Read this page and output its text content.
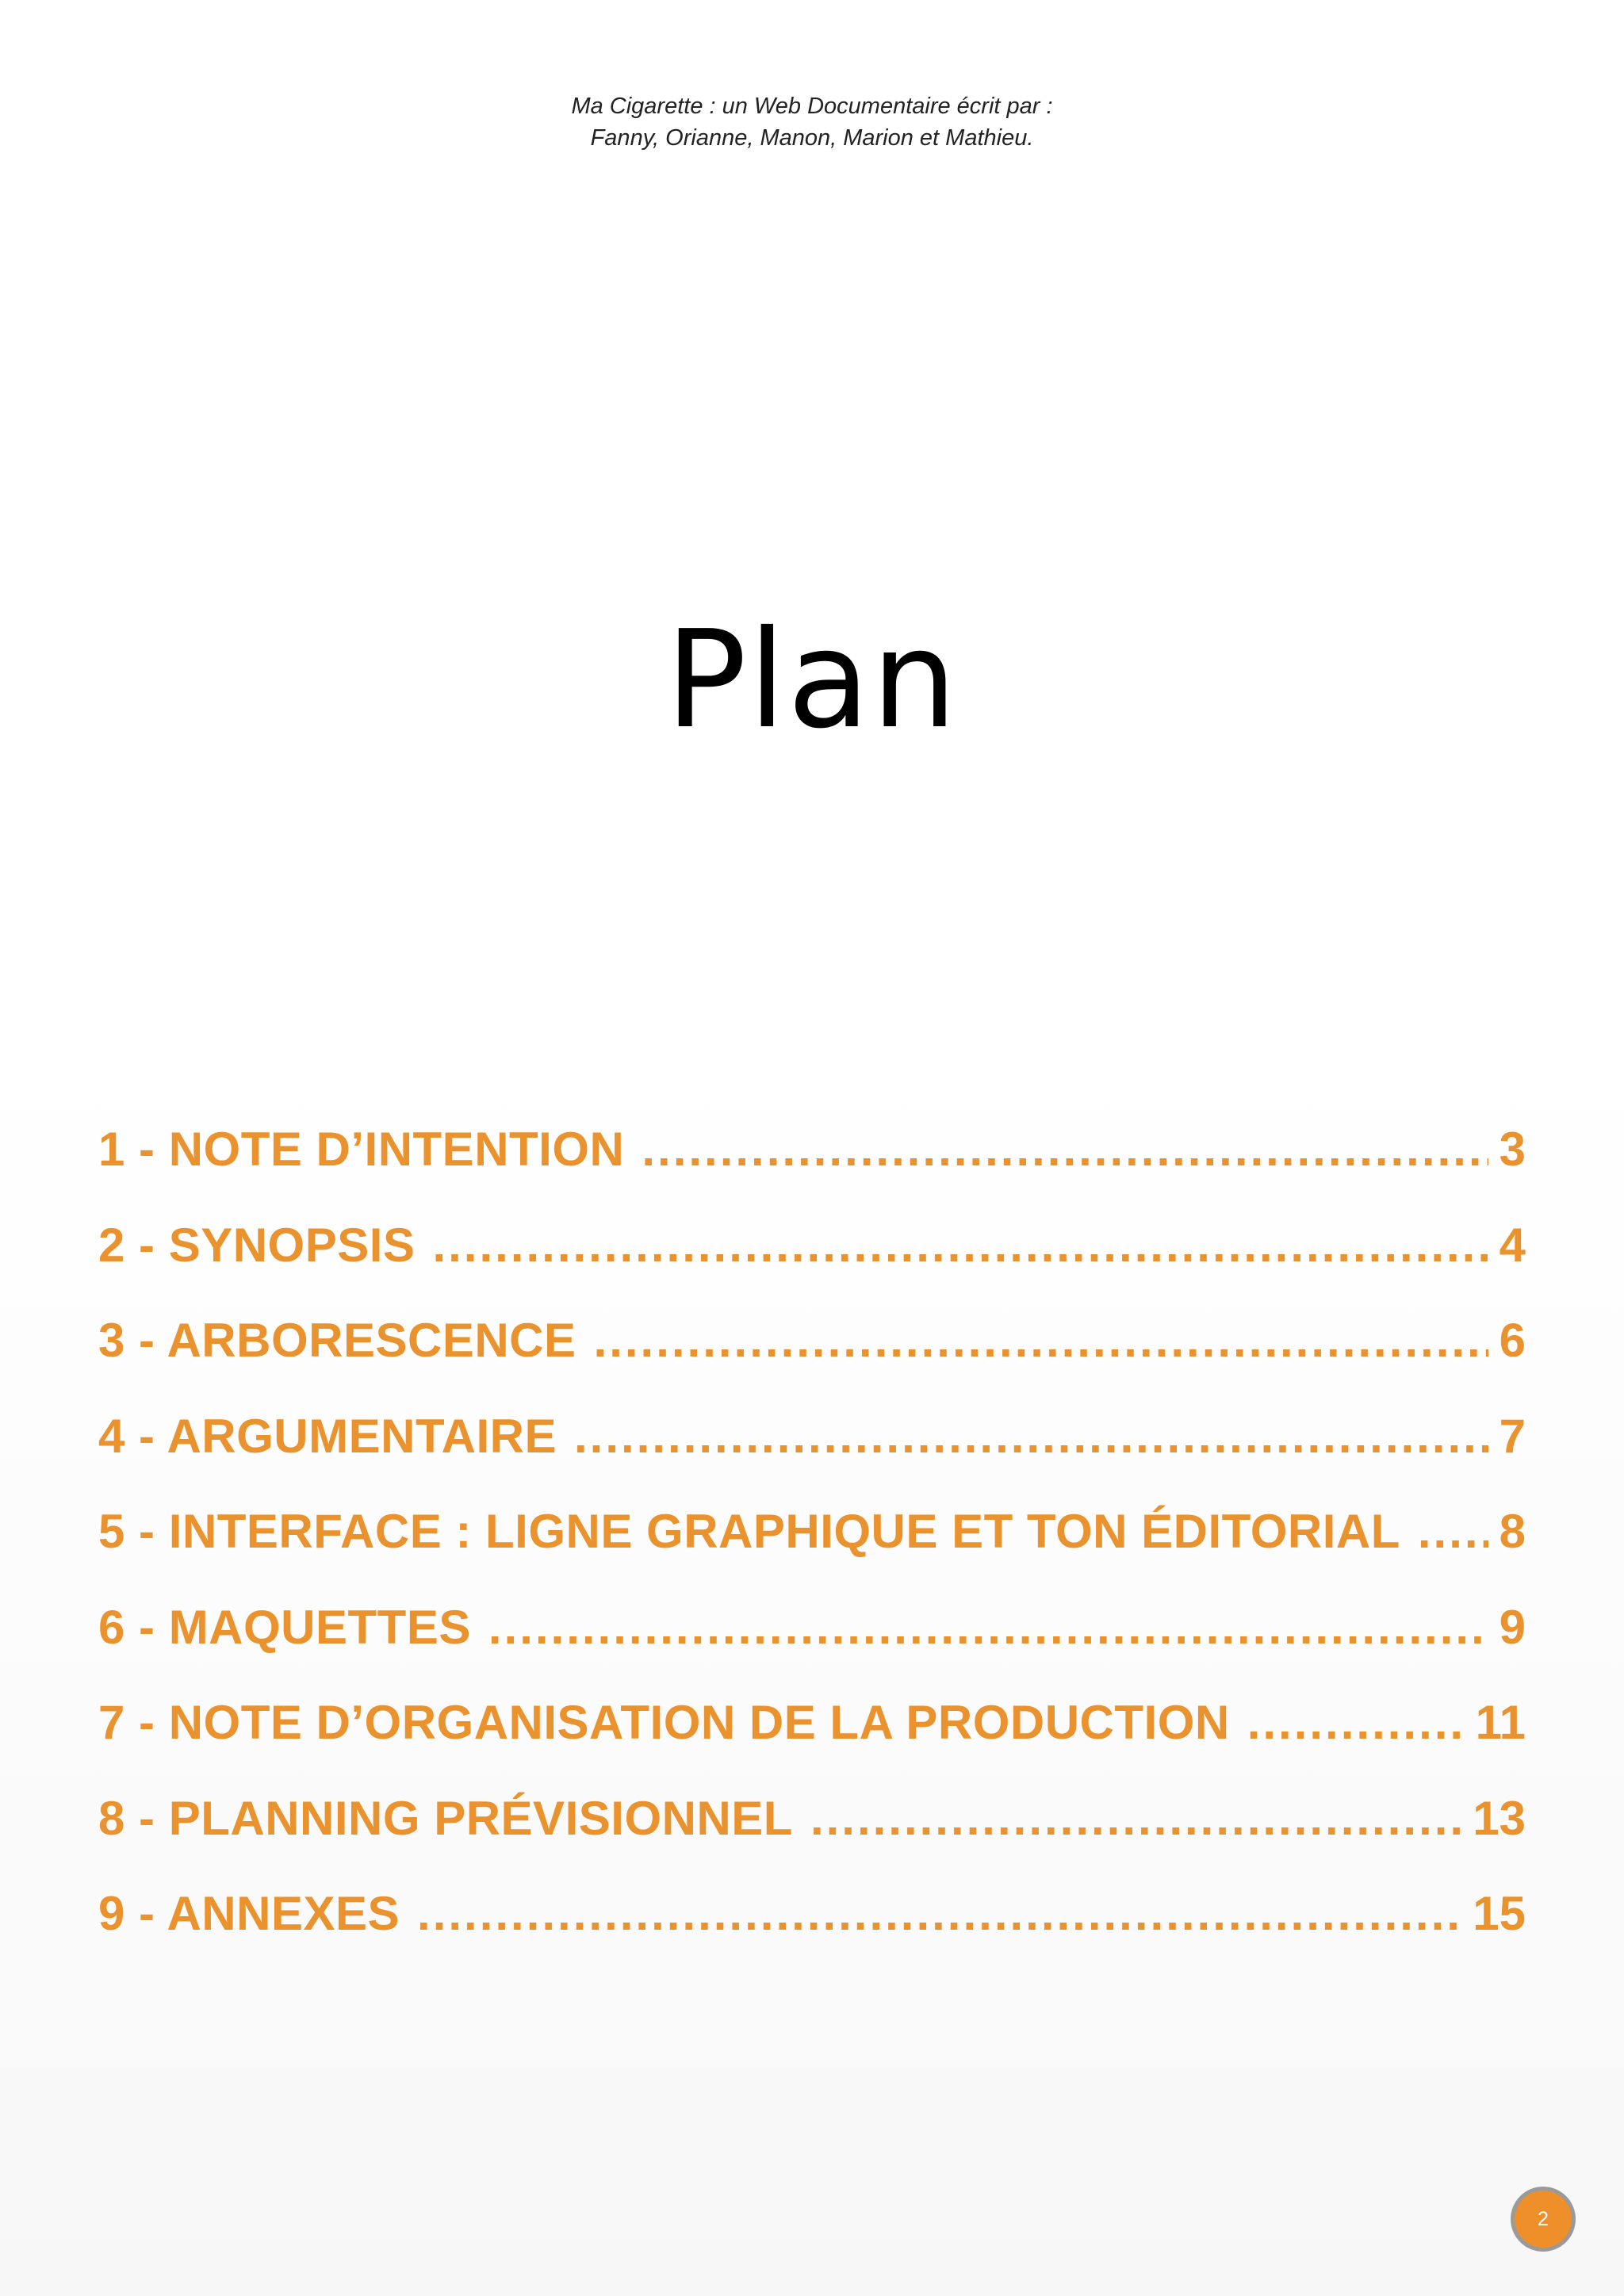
Ma Cigarette : un Web Documentaire écrit par :
Fanny, Orianne, Manon, Marion et Mathieu.
Plan
1 - NOTE D’INTENTION .....	3
2 - SYNOPSIS .....	4
3 - ARBORESCENCE .....	6
4 - ARGUMENTAIRE .....	7
5 - INTERFACE : LIGNE GRAPHIQUE ET TON ÉDITORIAL ..... 8
6 - MAQUETTES .....	9
7 - NOTE D’ORGANISATION DE LA PRODUCTION .....	11
8 - PLANNING PRÉVISIONNEL .....	13
9 - ANNEXES .....	15
2
